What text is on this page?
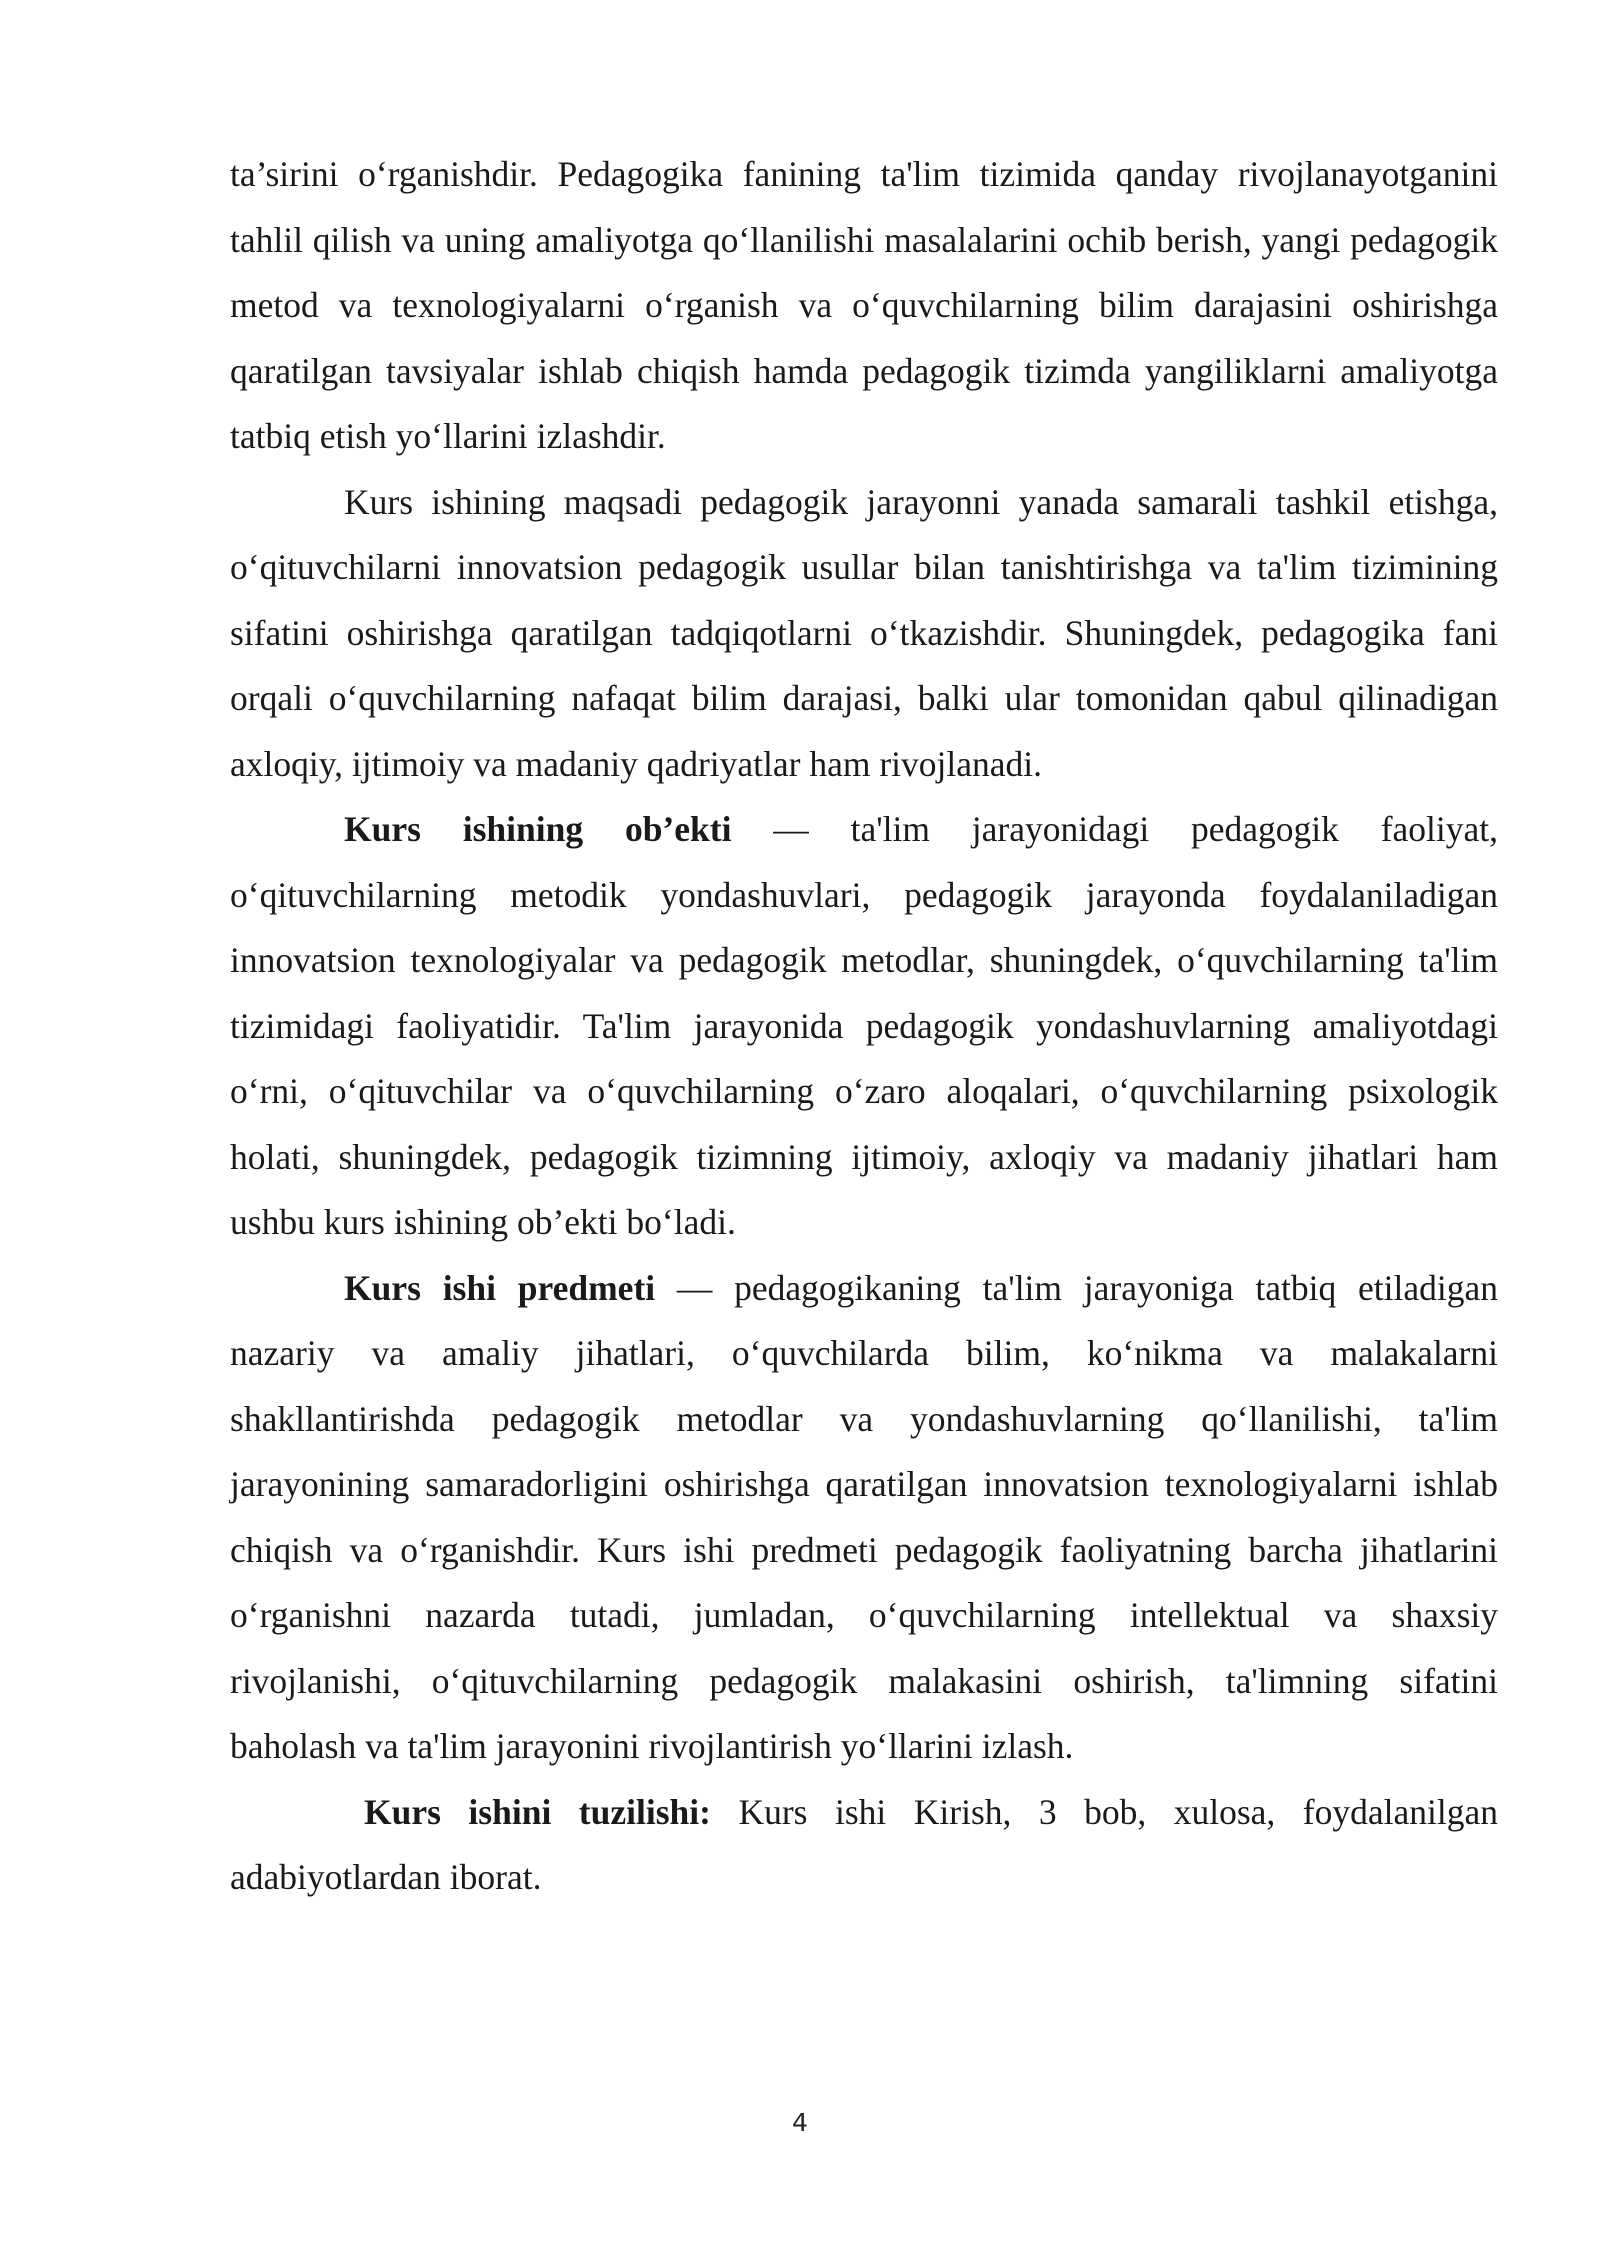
ta’sirini o‘rganishdir. Pedagogika fanining ta'lim tizimida qanday rivojlanayotganini tahlil qilish va uning amaliyotga qo‘llanilishi masalalarini ochib berish, yangi pedagogik metod va texnologiyalarni o‘rganish va o‘quvchilarning bilim darajasini oshirishga qaratilgan tavsiyalar ishlab chiqish hamda pedagogik tizimda yangiliklarni amaliyotga tatbiq etish yo‘llarini izlashdir.

Kurs ishining maqsadi pedagogik jarayonni yanada samarali tashkil etishga, o‘qituvchilarni innovatsion pedagogik usullar bilan tanishtirishga va ta'lim tizimining sifatini oshirishga qaratilgan tadqiqotlarni o‘tkazishdir. Shuningdek, pedagogika fani orqali o‘quvchilarning nafaqat bilim darajasi, balki ular tomonidan qabul qilinadigan axloqiy, ijtimoiy va madaniy qadriyatlar ham rivojlanadi.

Kurs ishining ob’ekti — ta'lim jarayonidagi pedagogik faoliyat, o‘qituvchilarning metodik yondashuvlari, pedagogik jarayonda foydalaniladigan innovatsion texnologiyalar va pedagogik metodlar, shuningdek, o‘quvchilarning ta'lim tizimidagi faoliyatidir. Ta'lim jarayonida pedagogik yondashuvlarning amaliyotdagi o‘rni, o‘qituvchilar va o‘quvchilarning o‘zaro aloqalari, o‘quvchilarning psixologik holati, shuningdek, pedagogik tizimning ijtimoiy, axloqiy va madaniy jihatlari ham ushbu kurs ishining ob’ekti bo‘ladi.

Kurs ishi predmeti — pedagogikaning ta'lim jarayoniga tatbiq etiladigan nazariy va amaliy jihatlari, o‘quvchilarda bilim, ko‘nikma va malakalarni shakllantirishda pedagogik metodlar va yondashuvlarning qo‘llanilishi, ta'lim jarayonining samaradorligini oshirishga qaratilgan innovatsion texnologiyalarni ishlab chiqish va o‘rganishdir. Kurs ishi predmeti pedagogik faoliyatning barcha jihatlarini o‘rganishni nazarda tutadi, jumladan, o‘quvchilarning intellektual va shaxsiy rivojlanishi, o‘qituvchilarning pedagogik malakasini oshirish, ta'limning sifatini baholash va ta'lim jarayonini rivojlantirish yo‘llarini izlash.

Kurs ishini tuzilishi: Kurs ishi Kirish, 3 bob, xulosa, foydalanilgan adabiyotlardan iborat.

4
